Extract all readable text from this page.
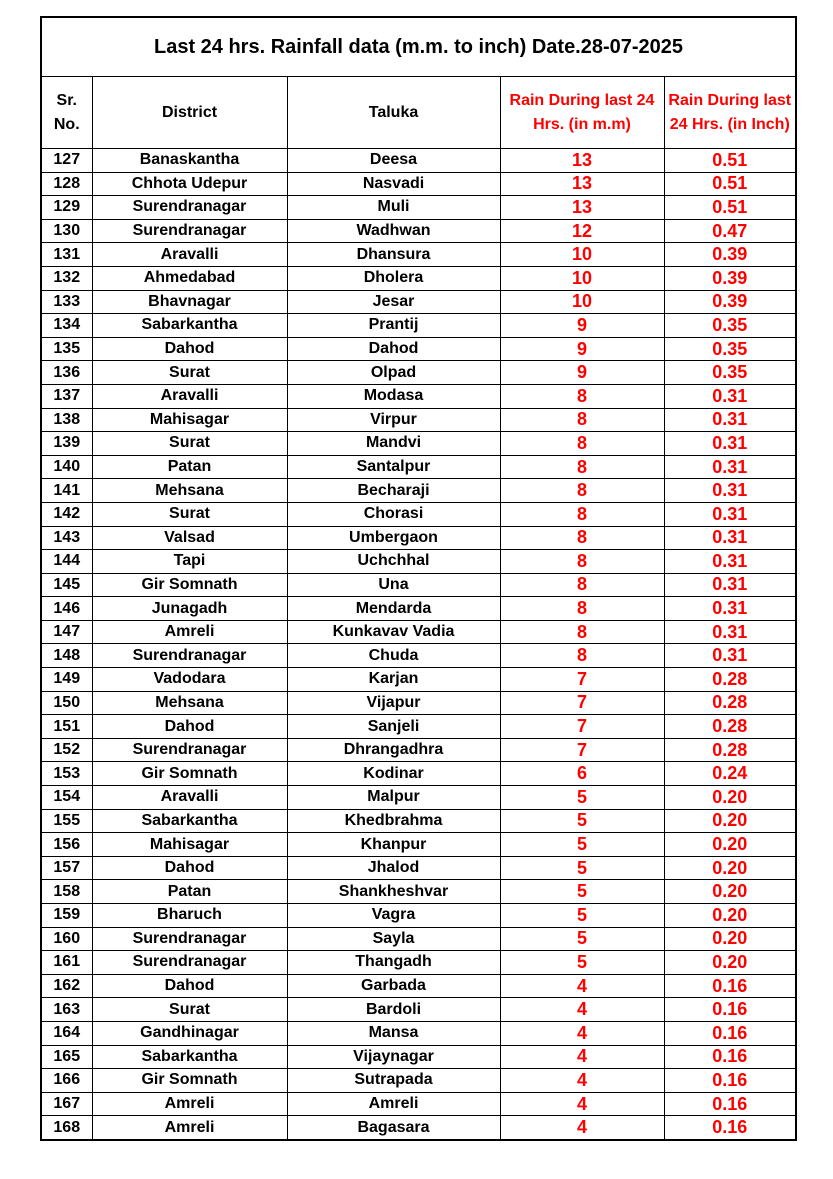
Last 24 hrs. Rainfall data (m.m. to inch) Date.28-07-2025				
Sr. No.	District	Taluka	Rain During last 24 Hrs. (in m.m)	Rain During last 24 Hrs. (in Inch)
127	Banaskantha	Deesa	13	0.51
128	Chhota Udepur	Nasvadi	13	0.51
129	Surendranagar	Muli	13	0.51
130	Surendranagar	Wadhwan	12	0.47
131	Aravalli	Dhansura	10	0.39
132	Ahmedabad	Dholera	10	0.39
133	Bhavnagar	Jesar	10	0.39
134	Sabarkantha	Prantij	9	0.35
135	Dahod	Dahod	9	0.35
136	Surat	Olpad	9	0.35
137	Aravalli	Modasa	8	0.31
138	Mahisagar	Virpur	8	0.31
139	Surat	Mandvi	8	0.31
140	Patan	Santalpur	8	0.31
141	Mehsana	Becharaji	8	0.31
142	Surat	Chorasi	8	0.31
143	Valsad	Umbergaon	8	0.31
144	Tapi	Uchchhal	8	0.31
145	Gir Somnath	Una	8	0.31
146	Junagadh	Mendarda	8	0.31
147	Amreli	Kunkavav Vadia	8	0.31
148	Surendranagar	Chuda	8	0.31
149	Vadodara	Karjan	7	0.28
150	Mehsana	Vijapur	7	0.28
151	Dahod	Sanjeli	7	0.28
152	Surendranagar	Dhrangadhra	7	0.28
153	Gir Somnath	Kodinar	6	0.24
154	Aravalli	Malpur	5	0.20
155	Sabarkantha	Khedbrahma	5	0.20
156	Mahisagar	Khanpur	5	0.20
157	Dahod	Jhalod	5	0.20
158	Patan	Shankheshvar	5	0.20
159	Bharuch	Vagra	5	0.20
160	Surendranagar	Sayla	5	0.20
161	Surendranagar	Thangadh	5	0.20
162	Dahod	Garbada	4	0.16
163	Surat	Bardoli	4	0.16
164	Gandhinagar	Mansa	4	0.16
165	Sabarkantha	Vijaynagar	4	0.16
166	Gir Somnath	Sutrapada	4	0.16
167	Amreli	Amreli	4	0.16
168	Amreli	Bagasara	4	0.16
